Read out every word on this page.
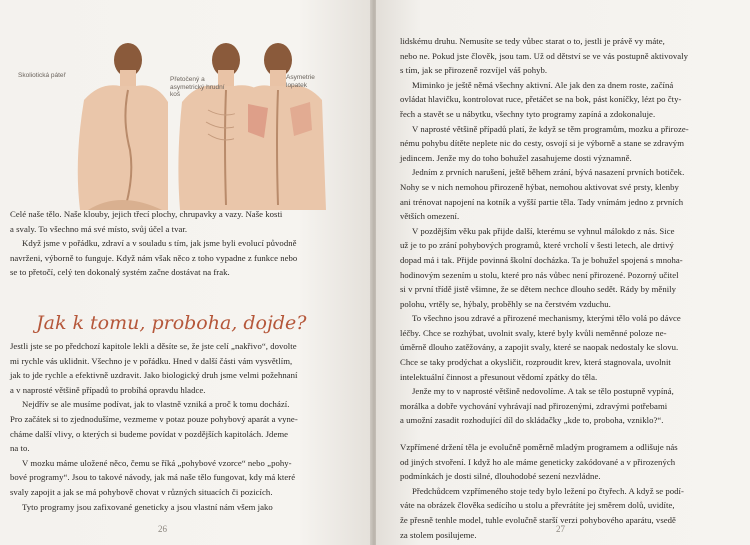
Skoliotická páteř
Přetočený a asymetrický hrudní koš
Asymetrie lopatek

Celé naše tělo. Naše klouby, jejich třecí plochy, chrupavky a vazy. Naše kosti

a svaly. To všechno má své místo, svůj účel a tvar.

Když jsme v pořádku, zdraví a v souladu s tím, jak jsme byli evolucí původně

navrženi, výborně to funguje. Když nám však něco z toho vypadne z funkce nebo

se to přetočí, celý ten dokonalý systém začne dostávat na frak.

Jak k tomu, proboha, dojde?

Jestli jste se po předchozí kapitole lekli a děsíte se, že jste celí „nakřivo“, dovolte

mi rychle vás uklidnit. Všechno je v pořádku. Hned v další části vám vysvětlím,

jak to jde rychle a efektivně uzdravit. Jako biologický druh jsme velmi požehnaní

a v naprosté většině případů to probíhá opravdu hladce.

Nejdřív se ale musíme podívat, jak to vlastně vzniká a proč k tomu dochází.

Pro začátek si to zjednodušíme, vezmeme v potaz pouze pohybový aparát a vyne-

cháme další vlivy, o kterých si budeme povídat v pozdějších kapitolách. Jdeme

na to.

V mozku máme uložené něco, čemu se říká „pohybové vzorce“ nebo „pohy-

bové programy“. Jsou to takové návody, jak má naše tělo fungovat, kdy má které

svaly zapojit a jak se má pohybově chovat v různých situacích či pozicích.

Tyto programy jsou zafixované geneticky a jsou vlastní nám všem jako

26

lidskému druhu. Nemusíte se tedy vůbec starat o to, jestli je právě vy máte,

nebo ne. Pokud jste člověk, jsou tam. Už od dětství se ve vás postupně aktivovaly

s tím, jak se přirozeně rozvíjel váš pohyb.

Miminko je ještě němá všechny aktivní. Ale jak den za dnem roste, začíná

ovládat hlavičku, kontrolovat ruce, přetáčet se na bok, pást koníčky, lézt po čty-

řech a stavět se u nábytku, všechny tyto programy zapíná a zdokonaluje.

V naprosté většině případů platí, že když se těm programům, mozku a přiroze-

nému pohybu dítěte neplete nic do cesty, osvojí si je výborně a stane se zdravým

jedincem. Jenže my do toho bohužel zasahujeme dosti významně.

Jedním z prvních narušení, ještě během zrání, bývá nasazení prvních botiček.

Nohy se v nich nemohou přirozeně hýbat, nemohou aktivovat své prsty, klenby

ani trénovat napojení na kotník a vyšší partie těla. Tady vnímám jedno z prvních

větších omezení.

V pozdějším věku pak přijde další, kterému se vyhnul málokdo z nás. Sice

už je to po zrání pohybových programů, které vrcholí v šesti letech, ale drtivý

dopad má i tak. Přijde povinná školní docházka. Ta je bohužel spojená s mnoha-

hodinovým sezením u stolu, které pro nás vůbec není přirozené. Pozorný učitel

si v první třídě jistě všimne, že se dětem nechce dlouho sedět. Rády by měnily

polohu, vrtěly se, hýbaly, proběhly se na čerstvém vzduchu.

To všechno jsou zdravé a přirozené mechanismy, kterými tělo volá po dávce

léčby. Chce se rozhýbat, uvolnit svaly, které byly kvůli neměnné poloze ne-

úměrně dlouho zatěžovány, a zapojit svaly, které se naopak nedostaly ke slovu.

Chce se taky prodýchat a okysličit, rozproudit krev, která stagnovala, uvolnit

intelektuální činnost a přesunout vědomí zpátky do těla.

Jenže my to v naprosté většině nedovolíme. A tak se tělo postupně vypíná,

morálka a dobře vychování vyhrávají nad přirozenými, zdravými potřebami

a umožní zasadit rozhodující díl do skládačky „kde to, proboha, vzniklo?“.

Vzpřímené držení těla je evolučně poměrně mladým programem a odlišuje nás

od jiných stvoření. I když ho ale máme geneticky zakódované a v přirozených

podmínkách je dosti silné, dlouhodobé sezení nezvládne.

Předchůdcem vzpřímeného stoje tedy bylo ležení po čtyřech. A když se podí-

váte na obrázek člověka sedícího u stolu a převrátíte jej směrem dolů, uvidíte,

že přesně tenhle model, tuhle evolučně starší verzi pohybového aparátu, vsedě

za stolem posilujeme.

27
